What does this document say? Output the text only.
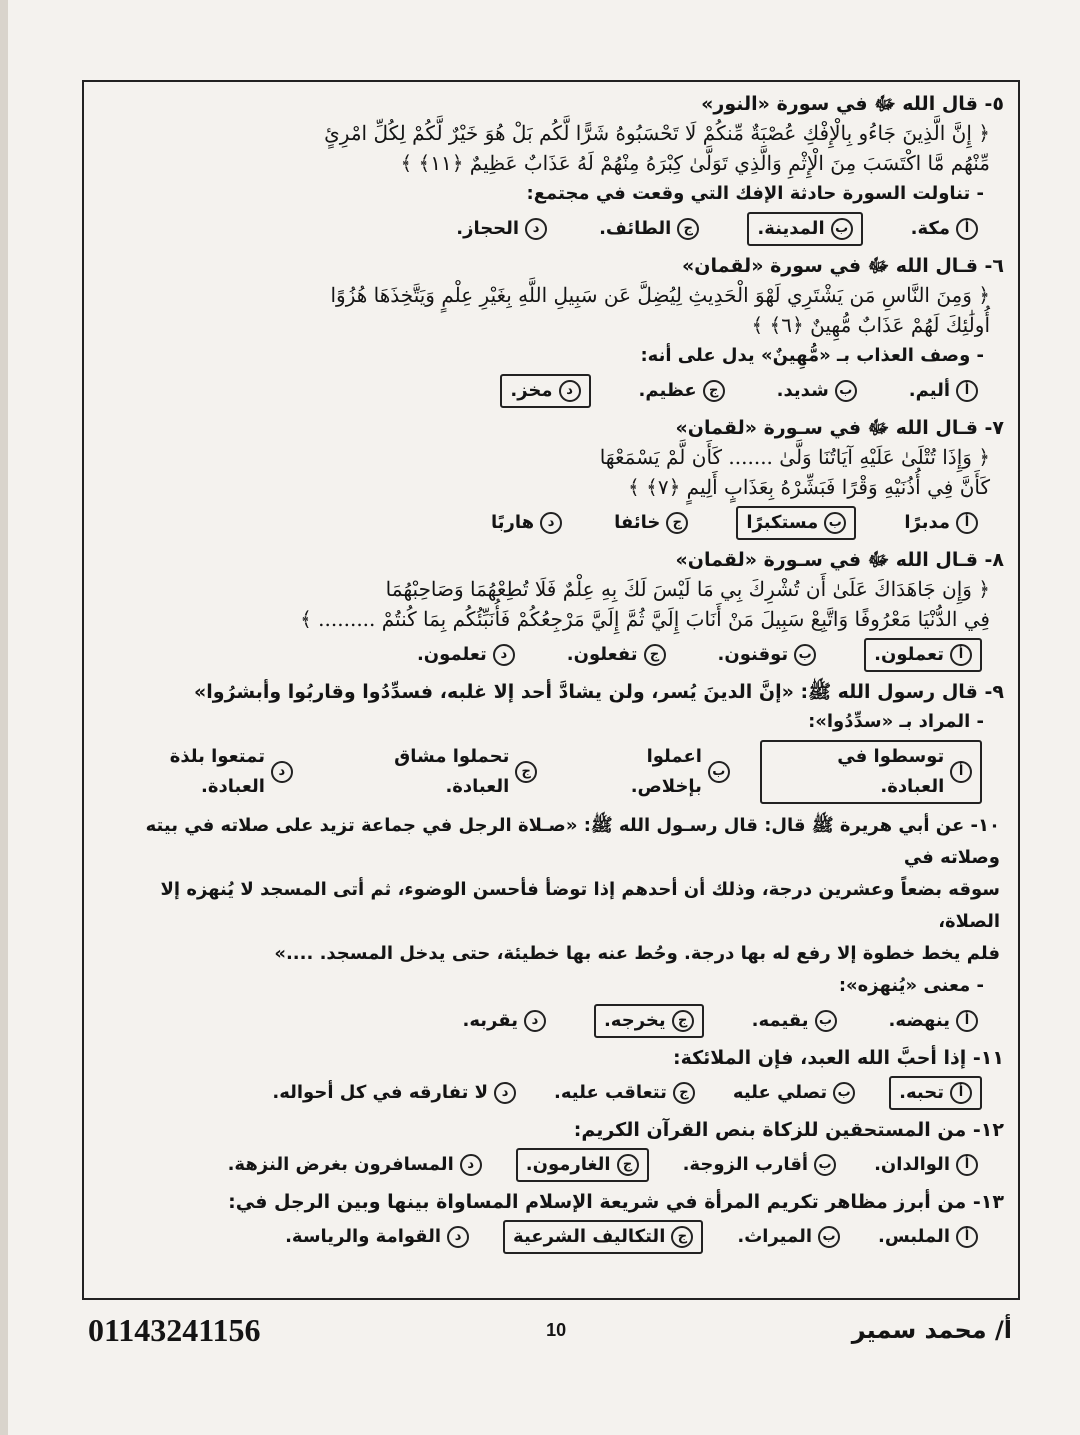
٥- قال الله ﷻ في سورة «النور»

﴿ إِنَّ الَّذِينَ جَاءُو بِالْإِفْكِ عُصْبَةٌ مِّنكُمْ لَا تَحْسَبُوهُ شَرًّا لَّكُم بَلْ هُوَ خَيْرٌ لَّكُمْ لِكُلِّ امْرِئٍ

مِّنْهُم مَّا اكْتَسَبَ مِنَ الْإِثْمِ وَالَّذِي تَوَلَّىٰ كِبْرَهُ مِنْهُمْ لَهُ عَذَابٌ عَظِيمٌ ﴿١١﴾ ﴾

- تناولت السورة حادثة الإفك التي وقعت في مجتمع:

أ
مكة.
ب
المدينة.
ج
الطائف.
د
الحجاز.

٦- قـال الله ﷻ في سورة «لقمان»

﴿ وَمِنَ النَّاسِ مَن يَشْتَرِي لَهْوَ الْحَدِيثِ لِيُضِلَّ عَن سَبِيلِ اللَّهِ بِغَيْرِ عِلْمٍ وَيَتَّخِذَهَا هُزُوًا

أُولَٰئِكَ لَهُمْ عَذَابٌ مُّهِينٌ ﴿٦﴾ ﴾

- وصف العذاب بـ «مُّهِينٌ» يدل على أنه:

أ
أليم.
ب
شديد.
ج
عظيم.
د
مخز.

٧- قـال الله ﷻ في سـورة «لقمان»

﴿ وَإِذَا تُتْلَىٰ عَلَيْهِ آيَاتُنَا وَلَّىٰ ....... كَأَن لَّمْ يَسْمَعْهَا

كَأَنَّ فِي أُذُنَيْهِ وَقْرًا فَبَشِّرْهُ بِعَذَابٍ أَلِيمٍ ﴿٧﴾ ﴾

أ
مدبرًا
ب
مستكبرًا
ج
خائفا
د
هاربًا

٨- قـال الله ﷻ في سـورة «لقمان»

﴿ وَإِن جَاهَدَاكَ عَلَىٰ أَن تُشْرِكَ بِي مَا لَيْسَ لَكَ بِهِ عِلْمٌ فَلَا تُطِعْهُمَا وَصَاحِبْهُمَا

فِي الدُّنْيَا مَعْرُوفًا وَاتَّبِعْ سَبِيلَ مَنْ أَنَابَ إِلَيَّ ثُمَّ إِلَيَّ مَرْجِعُكُمْ فَأُنَبِّئُكُم بِمَا كُنتُمْ ......... ﴾

أ
تعملون.
ب
توقنون.
ج
تفعلون.
د
تعلمون.

٩- قال رسول الله ﷺ: «إنَّ الدينَ يُسر، ولن يشادَّ أحد إلا غلبه، فسدِّدُوا وقاربُوا وأبشرُوا»

- المراد بـ «سدِّدُوا»:

أ
توسطوا في العبادة.
ب
اعملوا بإخلاص.
ج
تحملوا مشاق العبادة.
د
تمتعوا بلذة العبادة.

١٠- عن أبي هريرة ﷺ قال: قال رسـول الله ﷺ: «صـلاة الرجل في جماعة تزيد على صلاته في بيته وصلاته في

سوقه بضعاً وعشرين درجة، وذلك أن أحدهم إذا توضأ فأحسن الوضوء، ثم أتى المسجد لا يُنهزه إلا الصلاة،

فلم يخط خطوة إلا رفع له بها درجة. وحُط عنه بها خطيئة، حتى يدخل المسجد. ....»

- معنى «يُنهزه»:

أ
ينهضه.
ب
يقيمه.
ج
يخرجه.
د
يقربه.

١١- إذا أحبَّ الله العبد، فإن الملائكة:

أ
تحبه.
ب
تصلي عليه
ج
تتعاقب عليه.
د
لا تفارقه في كل أحواله.

١٢- من المستحقين للزكاة بنص القرآن الكريم:

أ
الوالدان.
ب
أقارب الزوجة.
ج
الغارمون.
د
المسافرون بغرض النزهة.

١٣- من أبرز مظاهر تكريم المرأة في شريعة الإسلام المساواة بينها وبين الرجل في:

أ
الملبس.
ب
الميراث.
ج
التكاليف الشرعية
د
القوامة والرياسة.
01143241156	10	أ/ محمد سمير
